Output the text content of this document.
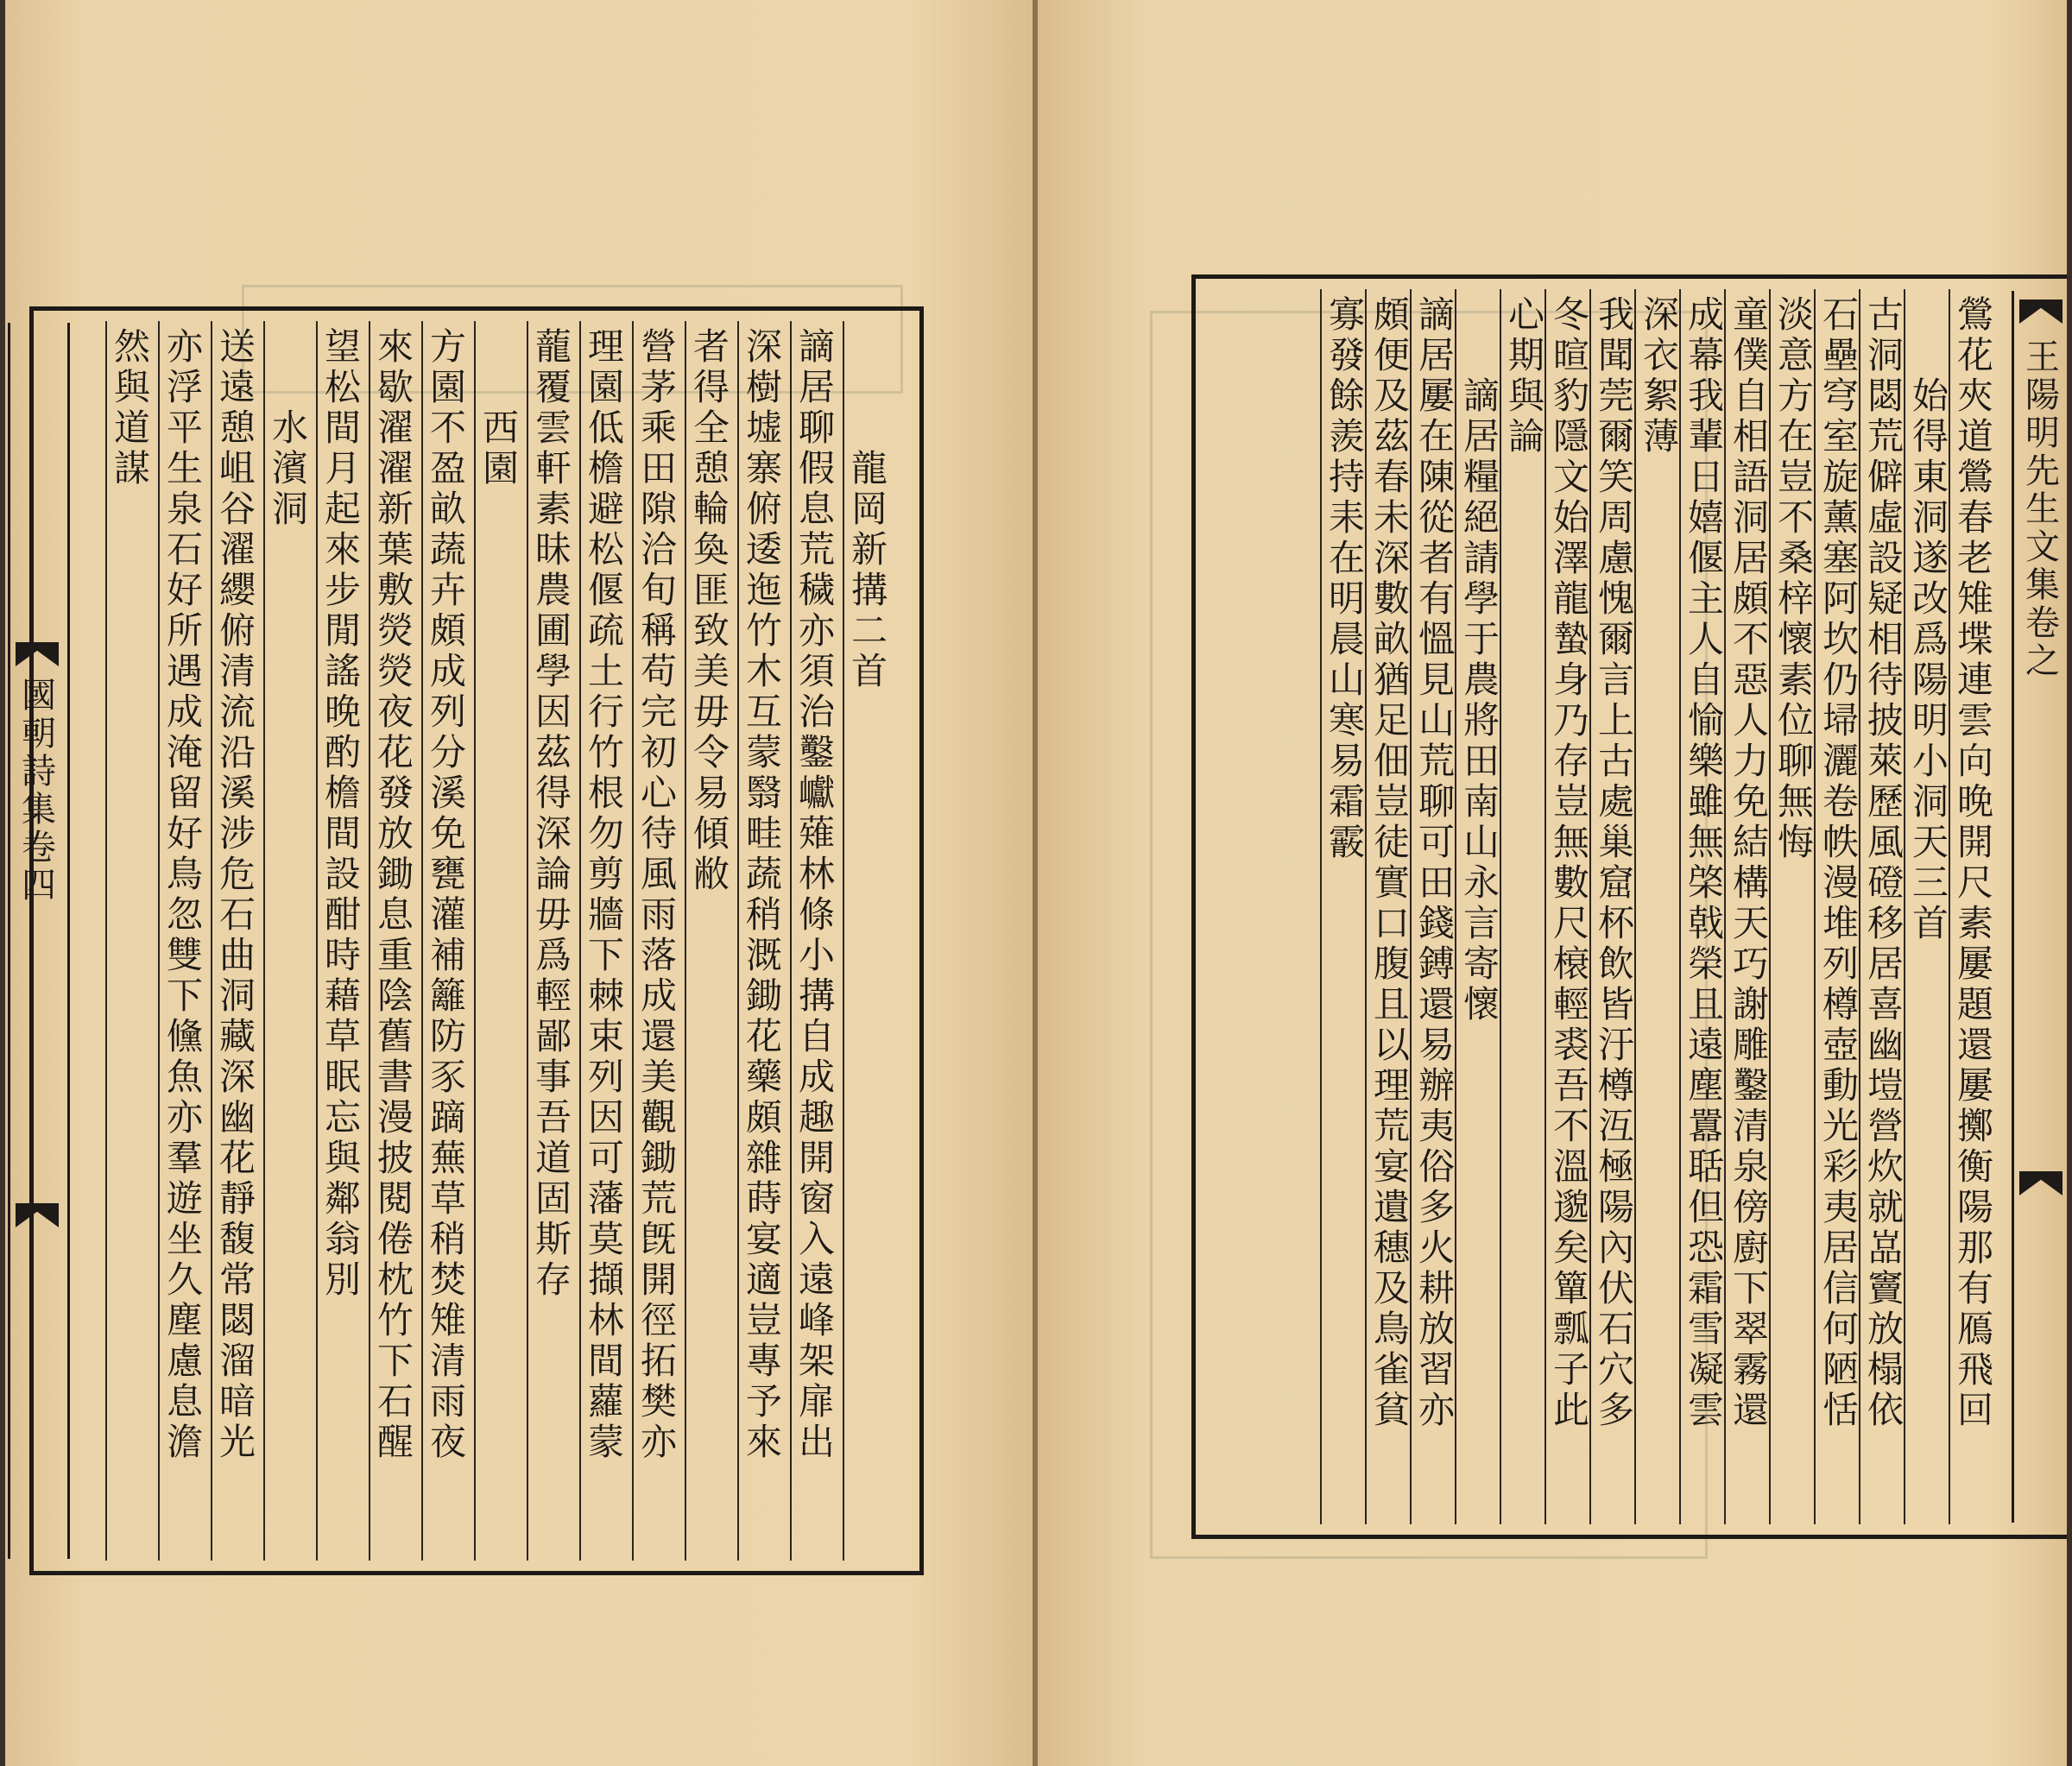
國朝詩集卷四
龍
岡
新
搆
二
首
謫
居
聊
假
息
荒
穢
亦
須
治
鑿
巘
薙
林
條
小
搆
自
成
趣
開
窗
入
遠
峰
架
扉
出
深
樹
墟
寨
俯
逶
迤
竹
木
互
蒙
翳
畦
蔬
稍
溉
鋤
花
藥
頗
雜
蒔
宴
適
豈
專
予
來
者
得
全
憩
輪
奐
匪
致
美
毋
令
易
傾
敝
營
茅
乘
田
隙
洽
旬
稱
苟
完
初
心
待
風
雨
落
成
還
美
觀
鋤
荒
旣
開
徑
拓
樊
亦
理
園
低
檐
避
松
偃
疏
土
行
竹
根
勿
剪
牆
下
棘
束
列
因
可
藩
莫
擷
林
間
蘿
蒙
蘢
覆
雲
軒
素
昧
農
圃
學
因
茲
得
深
論
毋
爲
輕
鄙
事
吾
道
固
斯
存
西
園
方
園
不
盈
畝
蔬
卉
頗
成
列
分
溪
免
甕
灌
補
籬
防
豕
蹢
蕪
草
稍
焚
雉
清
雨
夜
來
歇
濯
濯
新
葉
敷
熒
熒
夜
花
發
放
鋤
息
重
陰
舊
書
漫
披
閱
倦
枕
竹
下
石
醒
望
松
間
月
起
來
步
閒
謠
晚
酌
檐
間
設
酣
時
藉
草
眠
忘
與
鄰
翁
別
水
濱
洞
送
遠
憩
岨
谷
濯
纓
俯
清
流
沿
溪
涉
危
石
曲
洞
藏
深
幽
花
靜
馥
常
閟
溜
暗
光
亦
浮
平
生
泉
石
好
所
遇
成
淹
留
好
鳥
忽
雙
下
儵
魚
亦
羣
遊
坐
久
塵
慮
息
澹
然
與
道
謀
鶯
花
夾
道
鶯
春
老
雉
堞
連
雲
向
晚
開
尺
素
屢
題
還
屢
擲
衡
陽
那
有
鴈
飛
回
始
得
東
洞
遂
改
爲
陽
明
小
洞
天
三
首
古
洞
閟
荒
僻
虛
設
疑
相
待
披
萊
歷
風
磴
移
居
喜
幽
塏
營
炊
就
嵓
竇
放
榻
依
石
壘
穹
室
旋
薰
塞
阿
坎
仍
埽
灑
卷
帙
漫
堆
列
樽
壺
動
光
彩
夷
居
信
何
陋
恬
淡
意
方
在
豈
不
桑
梓
懷
素
位
聊
無
悔
童
僕
自
相
語
洞
居
頗
不
惡
人
力
免
結
構
天
巧
謝
雕
鑿
清
泉
傍
廚
下
翠
霧
還
成
幕
我
輩
日
嬉
偃
主
人
自
愉
樂
雖
無
棨
戟
榮
且
遠
塵
囂
聒
但
恐
霜
雪
凝
雲
深
衣
絮
薄
我
聞
莞
爾
笑
周
慮
愧
爾
言
上
古
處
巢
窟
杯
飲
皆
汙
樽
沍
極
陽
內
伏
石
穴
多
冬
暄
豹
隱
文
始
澤
龍
蟄
身
乃
存
豈
無
數
尺
榱
輕
裘
吾
不
溫
邈
矣
簞
瓢
子
此
心
期
與
論
謫
居
糧
絕
請
學
于
農
將
田
南
山
永
言
寄
懷
謫
居
屢
在
陳
從
者
有
慍
見
山
荒
聊
可
田
錢
鎛
還
易
辦
夷
俗
多
火
耕
放
習
亦
頗
便
及
茲
春
未
深
數
畝
猶
足
佃
豈
徒
實
口
腹
且
以
理
荒
宴
遺
穗
及
鳥
雀
貧
寡
發
餘
羨
持
耒
在
明
晨
山
寒
易
霜
霰
王陽明先生文集卷之
